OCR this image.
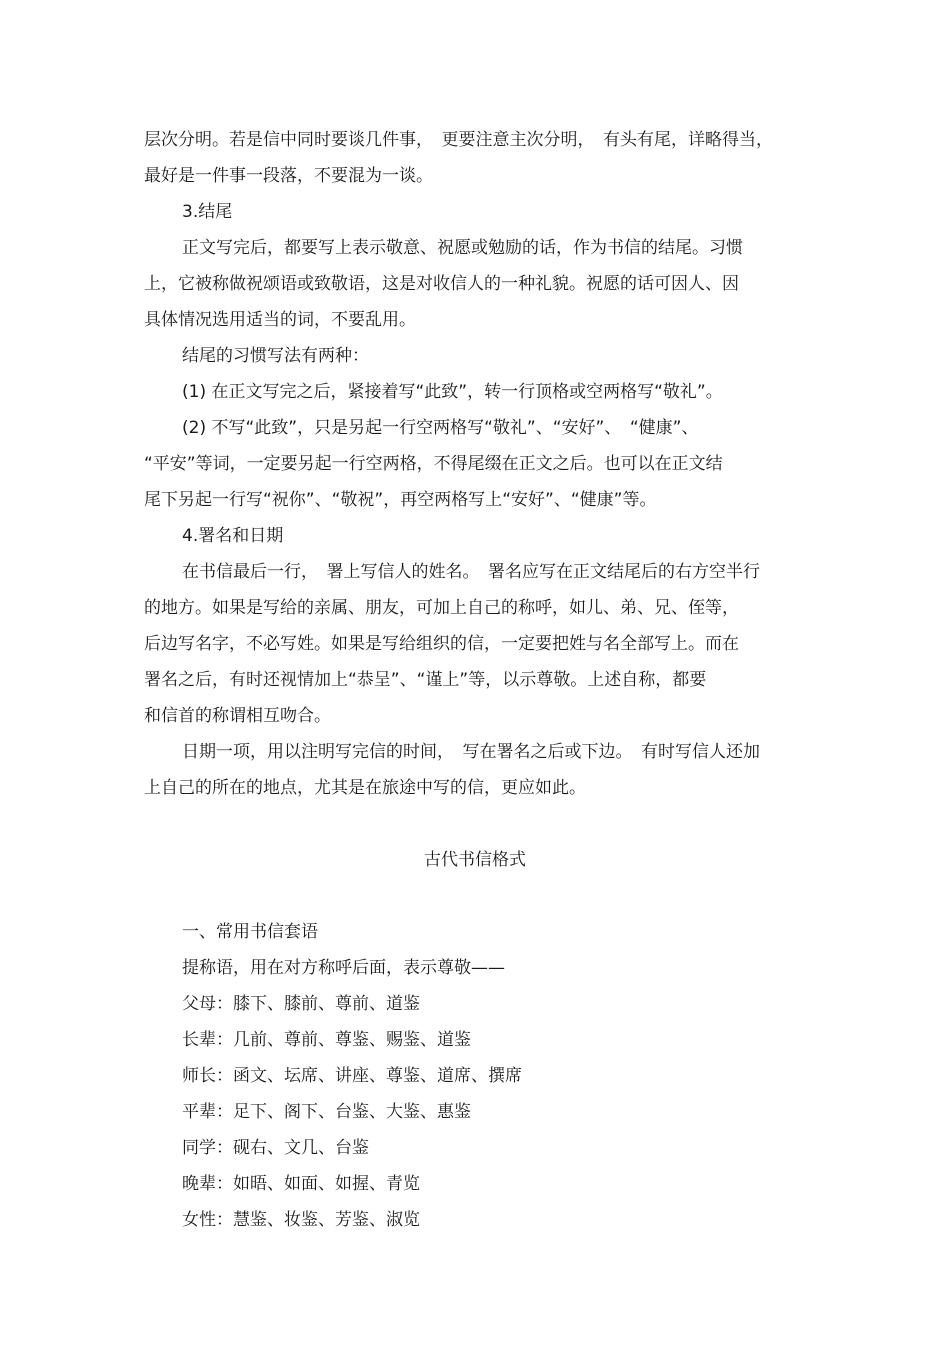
层次分明。若是信中同时要谈几件事，　更要注意主次分明，　有头有尾，详略得当，
最好是一件事一段落，不要混为一谈。
3.结尾
正文写完后，都要写上表示敬意、祝愿或勉励的话，作为书信的结尾。习惯
上，它被称做祝颂语或致敬语，这是对收信人的一种礼貌。祝愿的话可因人、因
具体情况选用适当的词，不要乱用。
结尾的习惯写法有两种：
(1) 在正文写完之后，紧接着写“此致”，转一行顶格或空两格写“敬礼”。
(2) 不写“此致”，只是另起一行空两格写“敬礼”、“安好”、　“健康”、
“平安”等词，一定要另起一行空两格，不得尾缀在正文之后。也可以在正文结
尾下另起一行写“祝你”、“敬祝”，再空两格写上“安好”、“健康”等。
4.署名和日期
在书信最后一行，　署上写信人的姓名。　署名应写在正文结尾后的右方空半行
的地方。如果是写给的亲属、朋友，可加上自己的称呼，如儿、弟、兄、侄等，
后边写名字，不必写姓。如果是写给组织的信，一定要把姓与名全部写上。而在
署名之后，有时还视情加上“恭呈”、“谨上”等，以示尊敬。上述自称，都要
和信首的称谓相互吻合。
日期一项，用以注明写完信的时间，　写在署名之后或下边。　有时写信人还加
上自己的所在的地点，尤其是在旅途中写的信，更应如此。
古代书信格式
一、常用书信套语
提称语，用在对方称呼后面，表示尊敬——
父母：膝下、膝前、尊前、道鉴
长辈：几前、尊前、尊鉴、赐鉴、道鉴
师长：函文、坛席、讲座、尊鉴、道席、撰席
平辈：足下、阁下、台鉴、大鉴、惠鉴
同学：砚右、文几、台鉴
晚辈：如晤、如面、如握、青览
女性：慧鉴、妆鉴、芳鉴、淑览
